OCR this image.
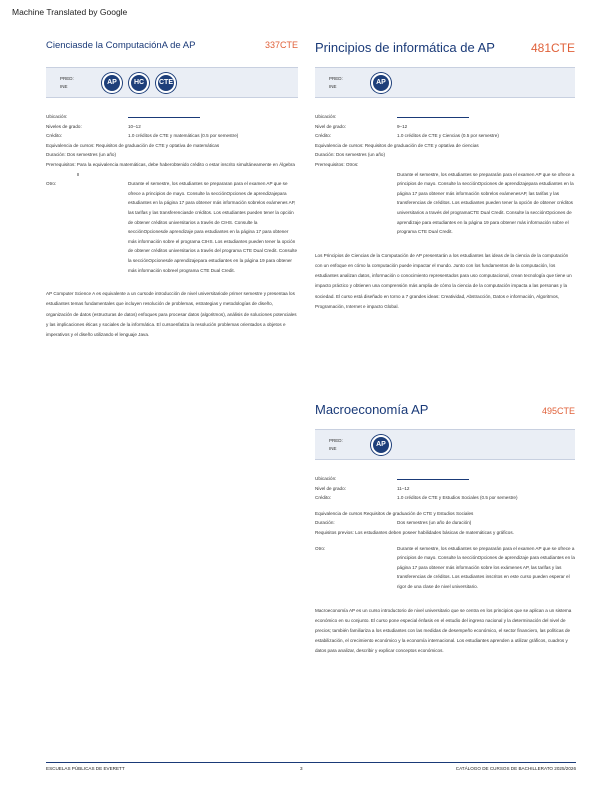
Machine Translated by Google
Cienciasde la ComputaciónA de AP	337CTE
PRED:
INE	AP	HC	CTE
Ubicación:
Niveles de grado:	10–12
Crédito:	1.0 créditos de CTE y matemáticas (0.5 por semestre)
Equivalencia de cursos:
Requisitos de graduación de CTE y optativa de matemáticas
Duración:
Dos semestres (un año)
Prerrequisitos:
Para la equivalencia matemáticas, debe haberobtenido crédito o estar inscrito simultáneamente en Álgebra II
Otro:	Durante el semestre, los estudiantes se prepararan para el examen AP que se ofrece a principios de mayo. Consulte la secciónOpciones de aprendizajepara estudiantes en la página 17 para obtener más información sobrelos exámenes AP, las tarifas y las transferenciasde créditos. Los estudiantes pueden tener la opción de obtener créditos universitarios a través de CIHS. Consulte la secciónOpcionesde aprendizaje para estudiantes en la página 17 para obtener más información sobre el programa CIHS. Los estudiantes pueden tener la opción de obtener créditos universitarios a través del programa CTE Dual Credit. Consulte la secciónOpcionesde aprendizajepara estudiantes en la página 19 para obtener más información sobreel programa CTE Dual Credit.

AP Computer Science A es equivalente a un cursode introducción de nivel universitariode primer semestre y presentaa los estudiantes temas fundamentales que incluyen resolución de problemas, estrategias y metodologías de diseño, organización de datos (estructuras de datos) enfoques para procesar datos (algoritmos), análisis de soluciones potenciales y las implicaciones éticas y sociales de la informática. El cursoenfatiza la resolución problemas orientados a objetos e imperativos y el diseño utilizando el lenguaje Java.

Principios de informática de AP	481CTE
PRED:
INE	AP
Ubicación:
Nivel de grado:	9–12
Crédito:	1.0 créditos de CTE y Ciencias (0.5 por semestre)
Equivalencia de cursos:
Requisitos de graduación de CTE y optativa de ciencias
Duración:
Dos semestres (un año)
Prerrequisitos:
Otros:
Durante el semestre, los estudiantes se prepararán para el examen AP que se ofrece a principios de mayo. Consulte la secciónOpciones de aprendizajepara estudiantes en la página 17 para obtener más información sobrelos exámenesAP, las tarifas y las transferencias de créditos. Los estudiantes pueden tener la opción de obtener créditos universitarios a través del programaCTE Dual Credit. Consulte la secciónOpciones de aprendizaje para estudiantes en la página 19 para obtener más información sobre el programa CTE Dual Credit.

Los Principios de Ciencias de la Computación de AP presentarán a los estudiantes las ideas de la ciencia de la computación con un enfoque en cómo la computación puede impactar el mundo. Junto con los fundamentos de la computación, los estudiantes analizan datos, información o conocimiento representados para uso computacional, crean tecnología que tiene un impacto práctico y obtienen una comprensión más amplia de cómo la ciencia de la computación impacta a las personas y la sociedad. El curso está diseñado en torno a 7 grandes ideas: Creatividad, Abstracción, Datos e información, Algoritmos, Programación, Internet e impacto Global.

Macroeconomía AP	495CTE
PRED:
INE	AP
Ubicación:
Nivel de grado:	11–12
Crédito:	1.0 créditos de CTE y Estudios Sociales (0.5 por semestre)
Equivalencia de cursos
Requisitos de graduación de CTE y Estudios Sociales
Duración:	Dos semestres (un año de duración)
Requisitos previos:
Los estudiantes deben poseer habilidades básicas de matemáticas y gráficos.
Otro:	Durante el semestre, los estudiantes se prepararán para el examen AP que se ofrece a principios de mayo. Consulte la secciónOpciones de aprendizaje para estudiantes en la página 17 para obtener más información sobre los exámenes AP, las tarifas y las transferencias de créditos. Los estudiantes inscritos en este curso pueden esperar el rigor de una clase de nivel universitario.

Macroeconomía AP es un curso introductorio de nivel universitario que se centra en los principios que se aplican a un sistema económico en su conjunto. El curso pone especial énfasis en el estudio del ingreso nacional y la determinación del nivel de precios; también familiariza a los estudiantes con las medidas de desempeño económico, el sector financiero, las políticas de estabilización, el crecimiento económico y la economía internacional. Los estudiantes aprenden a utilizar gráficos, cuadros y datos para analizar, describir y explicar conceptos económicos.

ESCUELAS PÚBLICAS DE EVERETT	3	CATÁLOGO DE CURSOS DE BACHILLERATO 2025/2026
